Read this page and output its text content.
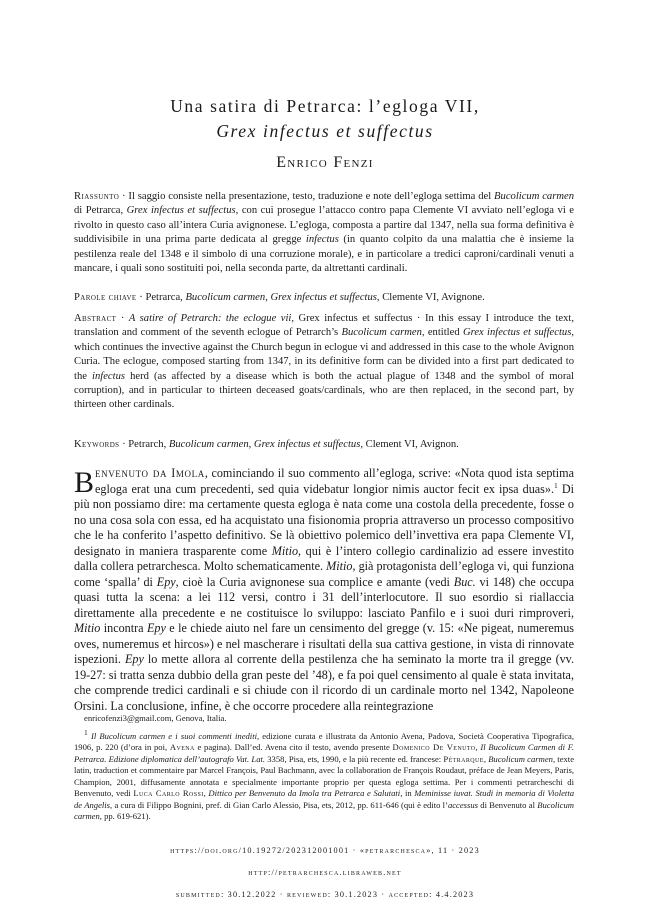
Una satira di Petrarca: l’egloga VII,
Grex infectus et suffectus

Enrico Fenzi

Riassunto · Il saggio consiste nella presentazione, testo, traduzione e note dell’egloga settima del Bucolicum carmen di Petrarca, Grex infectus et suffectus, con cui prosegue l’attacco contro papa Clemente VI avviato nell’egloga vi e rivolto in questo caso all’intera Curia avignonese. L’egloga, composta a partire dal 1347, nella sua forma definitiva è suddivisibile in una prima parte dedicata al gregge infectus (in quanto colpito da una malattia che è insieme la pestilenza reale del 1348 e il simbolo di una corruzione morale), e in particolare a tredici caproni/cardinali venuti a mancare, i quali sono sostituiti poi, nella seconda parte, da altrettanti cardinali.

Parole chiave · Petrarca, Bucolicum carmen, Grex infectus et suffectus, Clemente VI, Avignone.

Abstract · A satire of Petrarch: the eclogue vii, Grex infectus et suffectus · In this essay I introduce the text, translation and comment of the seventh eclogue of Petrarch’s Bucolicum carmen, entitled Grex infectus et suffectus, which continues the invective against the Church begun in eclogue vi and addressed in this case to the whole Avignon Curia. The eclogue, composed starting from 1347, in its definitive form can be divided into a first part dedicated to the infectus herd (as affected by a disease which is both the actual plague of 1348 and the symbol of moral corruption), and in particular to thirteen deceased goats/cardinals, who are then replaced, in the second part, by thirteen other cardinals.

Keywords · Petrarch, Bucolicum carmen, Grex infectus et suffectus, Clement VI, Avignon.

Benvenuto da Imola, cominciando il suo commento all’egloga, scrive: «Nota quod ista septima egloga erat una cum precedenti, sed quia videbatur longior nimis auctor fecit ex ipsa duas».$^1$ Di più non possiamo dire: ma certamente questa egloga è nata come una costola della precedente, fosse o no una cosa sola con essa, ed ha acquistato una fisionomia propria attraverso un processo compositivo che le ha conferito l’aspetto definitivo. Se là obiettivo polemico dell’invettiva era papa Clemente VI, designato in maniera trasparente come Mitio, qui è l’intero collegio cardinalizio ad essere investito dalla collera petrarchesca. Molto schematicamente. Mitio, già protagonista dell’egloga vi, qui funziona come ‘spalla’ di Epy, cioè la Curia avignonese sua complice e amante (vedi Buc. vi 148) che occupa quasi tutta la scena: a lei 112 versi, contro i 31 dell’interlocutore. Il suo esordio si riallaccia direttamente alla precedente e ne costituisce lo sviluppo: lasciato Panfilo e i suoi duri rimproveri, Mitio incontra Epy e le chiede aiuto nel fare un censimento del gregge (v. 15: «Ne pigeat, numeremus oves, numeremus et hircos») e nel mascherare i risultati della sua cattiva gestione, in vista di rinnovate ispezioni. Epy lo mette allora al corrente della pestilenza che ha seminato la morte tra il gregge (vv. 19-27: si tratta senza dubbio della gran peste del ’48), e fa poi quel censimento al quale è stata invitata, che comprende tredici cardinali e si chiude con il ricordo di un cardinale morto nel 1342, Napoleone Orsini. La conclusione, infine, è che occorre procedere alla reintegrazione

enricofenzi3@gmail.com, Genova, Italia.

1 Il Bucolicum carmen e i suoi commenti inediti, edizione curata e illustrata da Antonio Avena, Padova, Società Cooperativa Tipografica, 1906, p. 220 (d’ora in poi, Avena e pagina). Dall’ed. Avena cito il testo, avendo presente Domenico De Venuto, Il Bucolicum Carmen di F. Petrarca. Edizione diplomatica dell’autografo Vat. Lat. 3358, Pisa, ets, 1990, e la più recente ed. francese: Pétrarque, Bucolicum carmen, texte latin, traduction et commentaire par Marcel François, Paul Bachmann, avec la collaboration de François Roudaut, préface de Jean Meyers, Paris, Champion, 2001, diffusamente annotata e specialmente importante proprio per questa egloga settima. Per i commenti petrarcheschi di Benvenuto, vedi Luca Carlo Rossi, Dittico per Benvenuto da Imola tra Petrarca e Salutati, in Meminisse iuvat. Studi in memoria di Violetta de Angelis, a cura di Filippo Bognini, pref. di Gian Carlo Alessio, Pisa, ets, 2012, pp. 611-646 (qui è edito l’accessus di Benvenuto al Bucolicum carmen, pp. 619-621).

https://doi.org/10.19272/202312001001 · «petrarchesca», 11 · 2023

http://petrarchesca.libraweb.net

submitted: 30.12.2022 · reviewed: 30.1.2023 · accepted: 4.4.2023
